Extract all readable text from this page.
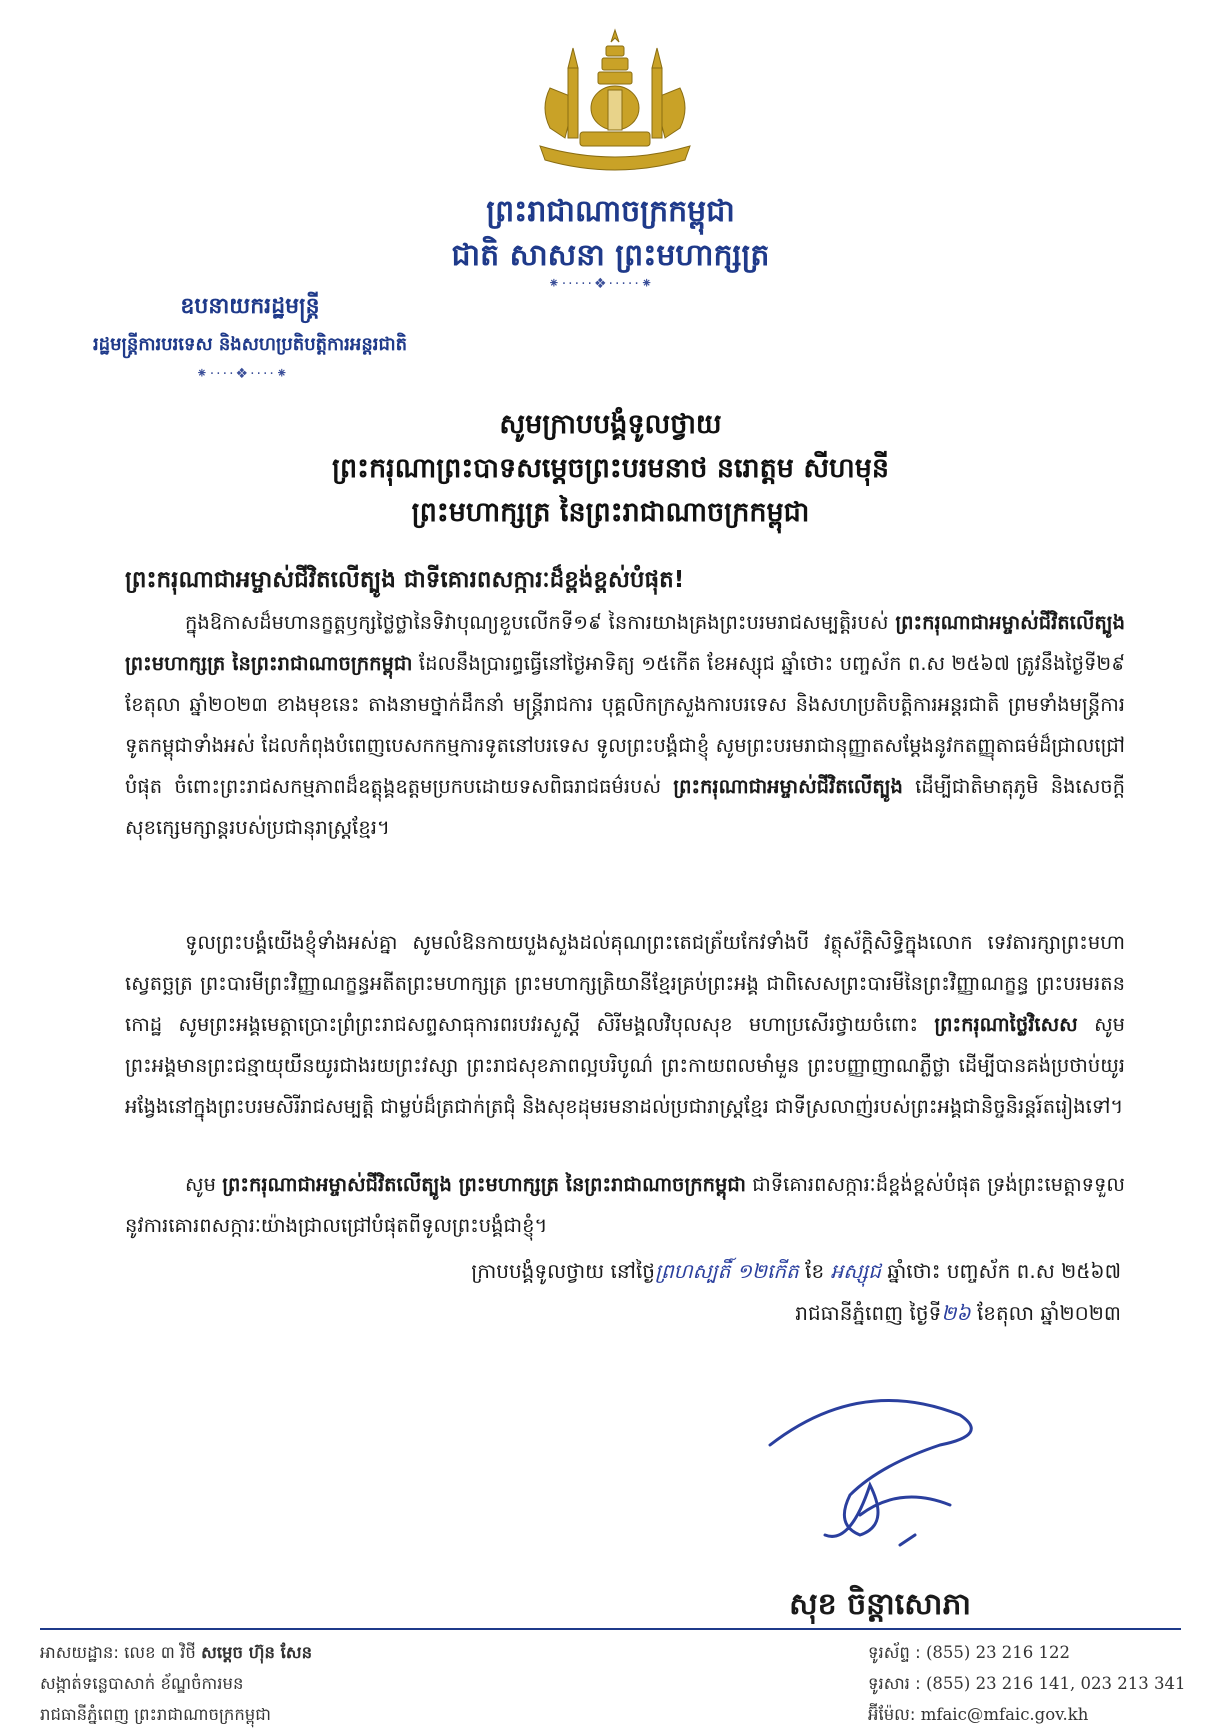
ព្រះរាជាណាចក្រកម្ពុជា
ជាតិ សាសនា ព្រះមហាក្សត្រ
⁕⋅⋅⋅⋅⋅❖⋅⋅⋅⋅⋅⁕
ឧបនាយករដ្ឋមន្ត្រី
រដ្ឋមន្ត្រីការបរទេស និងសហប្រតិបត្តិការអន្តរជាតិ
⁕⋅⋅⋅⋅❖⋅⋅⋅⋅⁕
សូមក្រាបបង្គំទូលថ្វាយ
ព្រះករុណាព្រះបាទសម្តេចព្រះបរមនាថ នរោត្តម សីហមុនី
ព្រះមហាក្សត្រ នៃព្រះរាជាណាចក្រកម្ពុជា
ព្រះករុណាជាអម្ចាស់ជីវិតលើត្បូង ជាទីគោរពសក្ការៈដ៏ខ្ពង់ខ្ពស់បំផុត!
ក្នុងឱកាសដ៏មហានក្ខត្តឫក្សថ្លៃថ្លានៃទិវាបុណ្យខួបលើកទី១៩ នៃការយាងគ្រងព្រះបរមរាជសម្បត្តិរបស់ ព្រះករុណាជាអម្ចាស់ជីវិតលើត្បូង ព្រះមហាក្សត្រ នៃព្រះរាជាណាចក្រកម្ពុជា ដែលនឹងប្រារព្ធធ្វើនៅថ្ងៃអាទិត្យ ១៥កើត ខែអស្សុជ ឆ្នាំថោះ បញ្ចស័ក ព.ស ២៥៦៧ ត្រូវនឹងថ្ងៃទី២៩ ខែតុលា ឆ្នាំ២០២៣ ខាងមុខនេះ តាងនាមថ្នាក់ដឹកនាំ មន្ត្រីរាជការ បុគ្គលិកក្រសួងការបរទេស និងសហប្រតិបត្តិការអន្តរជាតិ ព្រមទាំងមន្ត្រីការទូតកម្ពុជាទាំងអស់ ដែលកំពុងបំពេញបេសកកម្មការទូតនៅបរទេស ទូលព្រះបង្គំជាខ្ញុំ សូមព្រះបរមរាជានុញ្ញាតសម្តែងនូវកតញ្ញុតាធម៌ដ៏ជ្រាលជ្រៅបំផុត ចំពោះព្រះរាជសកម្មភាពដ៏ឧត្តុង្គឧត្តមប្រកបដោយទសពិធរាជធម៌របស់ ព្រះករុណាជាអម្ចាស់ជីវិតលើត្បូង ដើម្បីជាតិមាតុភូមិ និងសេចក្តីសុខក្សេមក្សាន្តរបស់ប្រជានុរាស្ត្រខ្មែរ។
ទូលព្រះបង្គំយើងខ្ញុំទាំងអស់គ្នា សូមលំឱនកាយបួងសួងដល់គុណព្រះតេជត្រ័យកែវទាំងបី វត្ថុស័ក្តិសិទ្ធិក្នុងលោក ទេវតារក្សាព្រះមហាស្វេតច្ឆត្រ ព្រះបារមីព្រះវិញ្ញាណក្ខន្ធអតីតព្រះមហាក្សត្រ ព្រះមហាក្សត្រិយានីខ្មែរគ្រប់ព្រះអង្គ ជាពិសេសព្រះបារមីនៃព្រះវិញ្ញាណក្ខន្ធ ព្រះបរមរតនកោដ្ឋ សូមព្រះអង្គមេត្តាប្រោះព្រំព្រះរាជសព្ទសាធុការពរបវរសួស្តី សិរីមង្គលវិបុលសុខ មហាប្រសើរថ្វាយចំពោះ ព្រះករុណាថ្លៃវិសេស សូមព្រះអង្គមានព្រះជន្មាយុយឺនយូរជាងរយព្រះវស្សា ព្រះរាជសុខភាពល្អបរិបូណ៌ ព្រះកាយពលមាំមួន ព្រះបញ្ញាញាណភ្លឺថ្លា ដើម្បីបានគង់ប្រថាប់យូរអង្វែងនៅក្នុងព្រះបរមសិរីរាជសម្បត្តិ ជាម្លប់ដ៏ត្រជាក់ត្រជុំ និងសុខដុមរមនាដល់ប្រជារាស្ត្រខ្មែរ ជាទីស្រលាញ់របស់ព្រះអង្គជានិច្ចនិរន្តរ៍តរៀងទៅ។
សូម ព្រះករុណាជាអម្ចាស់ជីវិតលើត្បូង ព្រះមហាក្សត្រ នៃព្រះរាជាណាចក្រកម្ពុជា ជាទីគោរពសក្ការៈដ៏ខ្ពង់ខ្ពស់បំផុត ទ្រង់ព្រះមេត្តាទទួលនូវការគោរពសក្ការៈយ៉ាងជ្រាលជ្រៅបំផុតពីទូលព្រះបង្គំជាខ្ញុំ។
ក្រាបបង្គំទូលថ្វាយ នៅថ្ងៃព្រហស្បតិ៍ ១២កើត ខែ អស្សុជ ឆ្នាំថោះ បញ្ចស័ក ព.ស ២៥៦៧
រាជធានីភ្នំពេញ ថ្ងៃទី២៦ ខែតុលា ឆ្នាំ២០២៣
សុខ ចិន្តាសោភា
អាសយដ្ឋាន: លេខ ៣ វិថី សម្តេច ហ៊ុន សែន
សង្កាត់ទន្លេបាសាក់ ខ័ណ្ឌចំការមន
រាជធានីភ្នំពេញ ព្រះរាជាណាចក្រកម្ពុជា
ទូរស័ព្ទ : (855) 23 216 122
ទូរសារ : (855) 23 216 141, 023 213 341
អ៊ីម៉ែល: mfaic@mfaic.gov.kh
